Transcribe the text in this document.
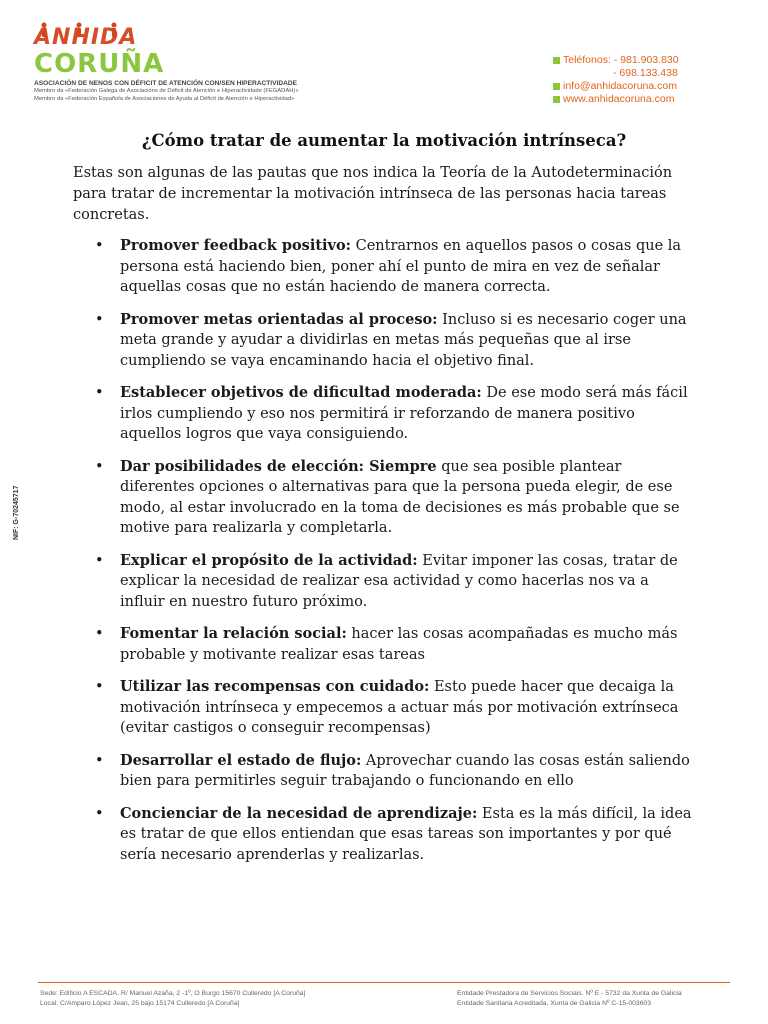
ANHIDA
CORUÑA
ASOCIACIÓN DE NENOS CON DÉFICIT DE ATENCIÓN CON/SEN HIPERACTIVIDADE
Membro da «Federación Galega de Asociacións de Déficit de Atención e Hiperactividade (FEGADAH)»
Membro da «Federación Española de Asociaciones de Ayuda al Déficit de Atención e Hiperactividad»
Teléfonos: - 981.903.830
- 698.133.438
info@anhidacoruna.com
www.anhidacoruna.com
NIF: G-70245717
¿Cómo tratar de aumentar la motivación intrínseca?
Estas son algunas de las pautas que nos indica la Teoría de la Autodeterminación para tratar de incrementar la motivación intrínseca de las personas hacia tareas concretas.
• Promover feedback positivo: Centrarnos en aquellos pasos o cosas que la persona está haciendo bien, poner ahí el punto de mira en vez de señalar aquellas cosas que no están haciendo de manera correcta.
• Promover metas orientadas al proceso: Incluso si es necesario coger una meta grande y ayudar a dividirlas en metas más pequeñas que al irse cumpliendo se vaya encaminando hacia el objetivo final.
• Establecer objetivos de dificultad moderada: De ese modo será más fácil irlos cumpliendo y eso nos permitirá ir reforzando de manera positivo aquellos logros que vaya consiguiendo.
• Dar posibilidades de elección: Siempre que sea posible plantear diferentes opciones o alternativas para que la persona pueda elegir, de ese modo, al estar involucrado en la toma de decisiones es más probable que se motive para realizarla y completarla.
• Explicar el propósito de la actividad: Evitar imponer las cosas, tratar de explicar la necesidad de realizar esa actividad y como hacerlas nos va a influir en nuestro futuro próximo.
• Fomentar la relación social: hacer las cosas acompañadas es mucho más probable y motivante realizar esas tareas
• Utilizar las recompensas con cuidado: Esto puede hacer que decaiga la motivación intrínseca y empecemos a actuar más por motivación extrínseca (evitar castigos o conseguir recompensas)
• Desarrollar el estado de flujo: Aprovechar cuando las cosas están saliendo bien para permitirles seguir trabajando o funcionando en ello
• Concienciar de la necesidad de aprendizaje: Esta es la más difícil, la idea es tratar de que ellos entiendan que esas tareas son importantes y por qué sería necesario aprenderlas y realizarlas.
Sede: Edificio A ESCADA. R/ Manuel Azaña, 2 -1º, O Burgo 15670 Culleredo [A Coruña]
Local: C/Amparo López Jean, 25 bajo 15174 Culleredo [A Coruña]
Entidade Prestadora de Servicios Sociais. Nº E - 5732 da Xunta de Galicia
Entidade Sanitaria Acreditada. Xunta de Galicia Nº C-15-003603
